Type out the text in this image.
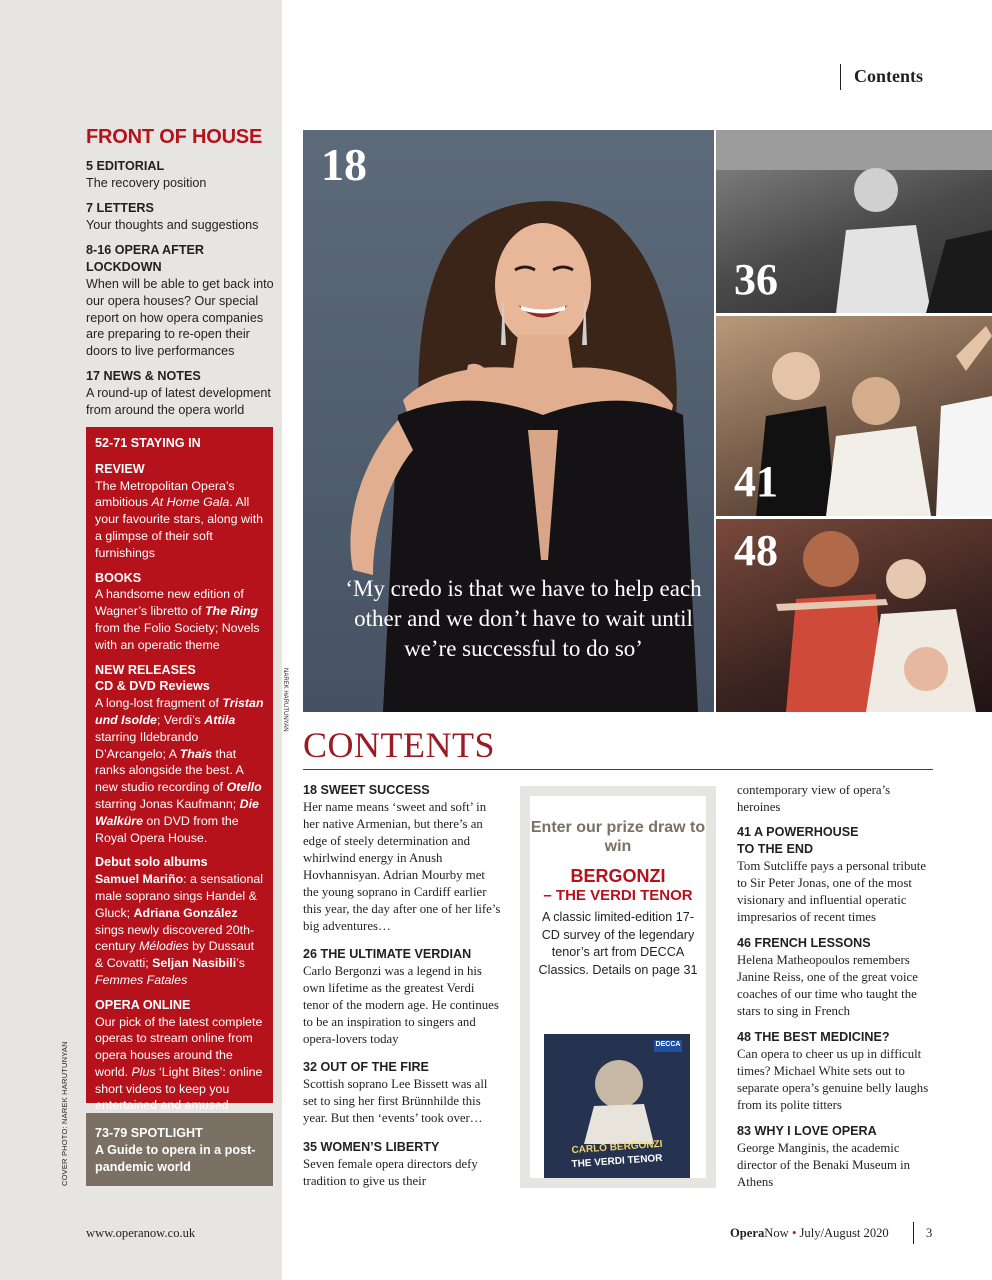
Contents
FRONT OF HOUSE
5 EDITORIAL

The recovery position

7 LETTERS

Your thoughts and suggestions

8-16 OPERA AFTER LOCKDOWN

When will be able to get back into our opera houses? Our special report on how opera companies are preparing to re-open their doors to live performances

17 NEWS & NOTES

A round-up of latest development from around the opera world

52-71 STAYING IN
REVIEW

The Metropolitan Opera’s ambitious At Home Gala. All your favourite stars, along with a glimpse of their soft furnishings

BOOKS

A handsome new edition of Wagner’s libretto of The Ring from the Folio Society; Novels with an operatic theme

NEW RELEASES
CD & DVD Reviews

A long-lost fragment of Tristan und Isolde; Verdi’s Attila starring Ildebrando D’Arcangelo; A Thaïs that ranks alongside the best. A new studio recording of Otello starring Jonas Kaufmann; Die Walküre on DVD from the Royal Opera House.

Debut solo albums

Samuel Mariño: a sensational male soprano sings Handel & Gluck; Adriana González sings newly discovered 20th-century Mélodies by Dussaut & Covatti; Seljan Nasibili’s Femmes Fatales

OPERA ONLINE

Our pick of the latest complete operas to stream online from opera houses around the world. Plus ‘Light Bites’: online short videos to keep you entertained and amused

73-79 SPOTLIGHT
A Guide to opera in a post-pandemic world
COVER PHOTO: NAREK HARUTUNYAN
18
‘My credo is that we have to help each other and we don’t have to wait until we’re successful to do so’
NAREK HARUTUNYAN
36
41
48
CONTENTS
18 SWEET SUCCESS

Her name means ‘sweet and soft’ in her native Armenian, but there’s an edge of steely determination and whirlwind energy in Anush Hovhannisyan. Adrian Mourby met the young soprano in Cardiff earlier this year, the day after one of her life’s big adventures…

26 THE ULTIMATE VERDIAN

Carlo Bergonzi was a legend in his own lifetime as the greatest Verdi tenor of the modern age. He continues to be an inspiration to singers and opera-lovers today

32 OUT OF THE FIRE

Scottish soprano Lee Bissett was all set to sing her first Brünnhilde this year. But then ‘events’ took over…

35 WOMEN’S LIBERTY

Seven female opera directors defy tradition to give us their

Enter our prize draw to win
BERGONZI
– THE VERDI TENOR
A classic limited-edition 17-CD survey of the legendary tenor’s art from DECCA Classics. Details on page 31
DECCA
CARLO BERGONZI
THE VERDI TENOR

contemporary view of opera’s heroines

41 A POWERHOUSE TO THE END

Tom Sutcliffe pays a personal tribute to Sir Peter Jonas, one of the most visionary and influential operatic impresarios of recent times

46 FRENCH LESSONS

Helena Matheopoulos remembers Janine Reiss, one of the great voice coaches of our time who taught the stars to sing in French

48 THE BEST MEDICINE?

Can opera to cheer us up in difficult times? Michael White sets out to separate opera’s genuine belly laughs from its polite titters

83 WHY I LOVE OPERA

George Manginis, the academic director of the Benaki Museum in Athens

www.operanow.co.uk	OperaNow • July/August 2020	3
